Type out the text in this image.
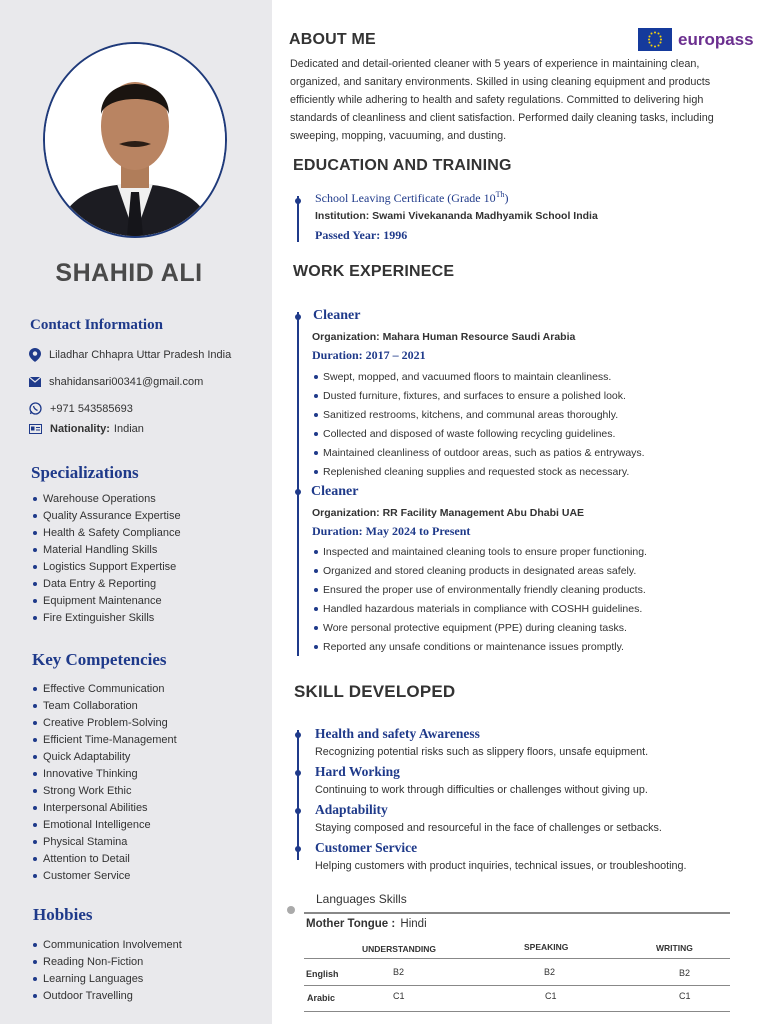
SHAHID ALI
Contact Information
Liladhar Chhapra Uttar Pradesh India
shahidansari00341@gmail.com
+971 543585693
Nationality: Indian
Specializations
Warehouse Operations
Quality Assurance Expertise
Health & Safety Compliance
Material Handling Skills
Logistics Support Expertise
Data Entry & Reporting
Equipment Maintenance
Fire Extinguisher Skills
Key Competencies
Effective Communication
Team Collaboration
Creative Problem-Solving
Efficient Time-Management
Quick Adaptability
Innovative Thinking
Strong Work Ethic
Interpersonal Abilities
Emotional Intelligence
Physical Stamina
Attention to Detail
Customer Service
Hobbies
Communication Involvement
Reading Non-Fiction
Learning Languages
Outdoor Travelling
ABOUT ME	europass

Dedicated and detail-oriented cleaner with 5 years of experience in maintaining clean, organized, and sanitary environments. Skilled in using cleaning equipment and products efficiently while adhering to health and safety regulations. Committed to delivering high standards of cleanliness and client satisfaction. Performed daily cleaning tasks, including sweeping, mopping, vacuuming, and dusting.

EDUCATION AND TRAINING
School Leaving Certificate (Grade 10Th)
Institution: Swami Vivekananda Madhyamik School India
Passed Year: 1996
WORK EXPERINECE
Cleaner
Organization: Mahara Human Resource Saudi Arabia
Duration: 2017 – 2021
Swept, mopped, and vacuumed floors to maintain cleanliness.
Dusted furniture, fixtures, and surfaces to ensure a polished look.
Sanitized restrooms, kitchens, and communal areas thoroughly.
Collected and disposed of waste following recycling guidelines.
Maintained cleanliness of outdoor areas, such as patios & entryways.
Replenished cleaning supplies and requested stock as necessary.
Cleaner
Organization: RR Facility Management Abu Dhabi UAE
Duration: May 2024 to Present
Inspected and maintained cleaning tools to ensure proper functioning.
Organized and stored cleaning products in designated areas safely.
Ensured the proper use of environmentally friendly cleaning products.
Handled hazardous materials in compliance with COSHH guidelines.
Wore personal protective equipment (PPE) during cleaning tasks.
Reported any unsafe conditions or maintenance issues promptly.
SKILL DEVELOPED
Health and safety Awareness
Recognizing potential risks such as slippery floors, unsafe equipment.
Hard Working
Continuing to work through difficulties or challenges without giving up.
Adaptability
Staying composed and resourceful in the face of challenges or setbacks.
Customer Service
Helping customers with product inquiries, technical issues, or troubleshooting.
Languages Skills
Mother Tongue : Hindi
UNDERSTANDING	SPEAKING	WRITING
English	B2	B2	B2
Arabic	C1	C1	C1
